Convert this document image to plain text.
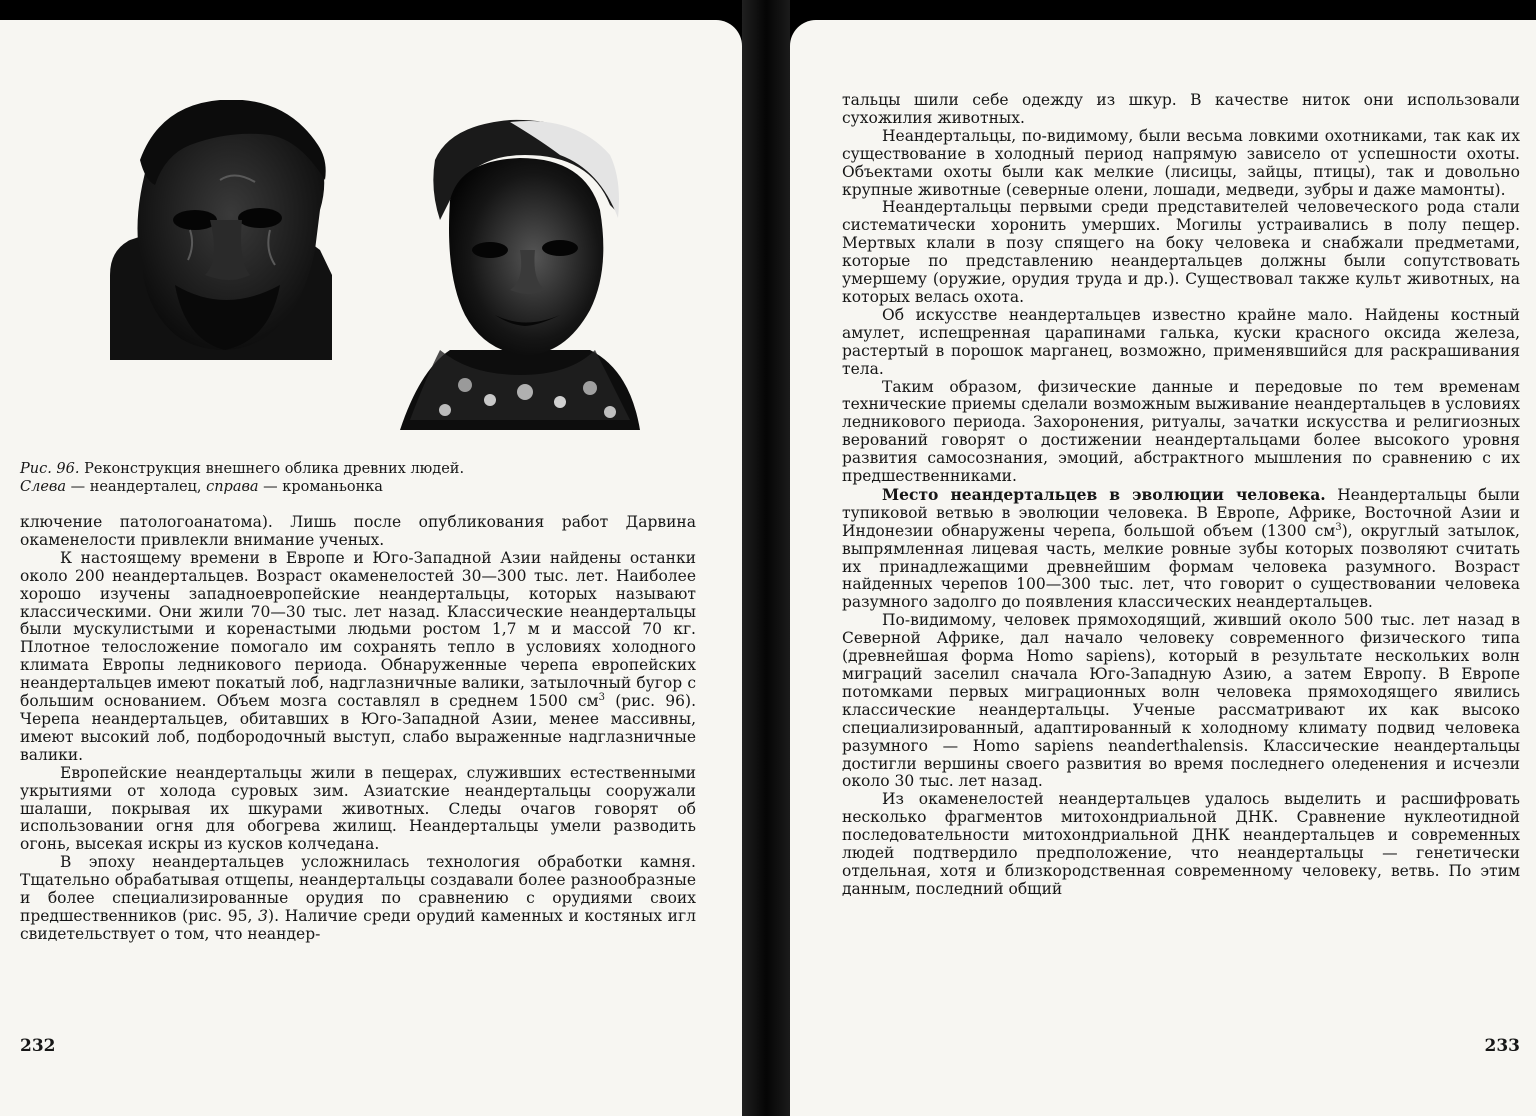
Рис. 96. Реконструкция внешнего облика древних людей.
Слева — неандерталец, справа — кроманьонка

ключение патологоанатома). Лишь после опубликования работ Дарвина окаменелости привлекли внимание ученых.

К настоящему времени в Европе и Юго-Западной Азии найдены останки около 200 неандертальцев. Возраст окаменелостей 30—300 тыс. лет. Наиболее хорошо изучены западноевропейские неандертальцы, которых называют классическими. Они жили 70—30 тыс. лет назад. Классические неандертальцы были мускулистыми и коренастыми людьми ростом 1,7 м и массой 70 кг. Плотное телосложение помогало им сохранять тепло в условиях холодного климата Европы ледникового периода. Обнаруженные черепа европейских неандертальцев имеют покатый лоб, надглазничные валики, затылочный бугор с большим основанием. Объем мозга составлял в среднем 1500 $см^3$ (рис. 96). Черепа неандертальцев, обитавших в Юго-Западной Азии, менее массивны, имеют высокий лоб, подбородочный выступ, слабо выраженные надглазничные валики.

Европейские неандертальцы жили в пещерах, служивших естественными укрытиями от холода суровых зим. Азиатские неандертальцы сооружали шалаши, покрывая их шкурами животных. Следы очагов говорят об использовании огня для обогрева жилищ. Неандертальцы умели разводить огонь, высекая искры из кусков колчедана.

В эпоху неандертальцев усложнилась технология обработки камня. Тщательно обрабатывая отщепы, неандертальцы создавали более разнообразные и более специализированные орудия по сравнению с орудиями своих предшественников (рис. 95, 3). Наличие среди орудий каменных и костяных игл свидетельствует о том, что неандер-

232

тальцы шили себе одежду из шкур. В качестве ниток они использовали сухожилия животных.

Неандертальцы, по-видимому, были весьма ловкими охотниками, так как их существование в холодный период напрямую зависело от успешности охоты. Объектами охоты были как мелкие (лисицы, зайцы, птицы), так и довольно крупные животные (северные олени, лошади, медведи, зубры и даже мамонты).

Неандертальцы первыми среди представителей человеческого рода стали систематически хоронить умерших. Могилы устраивались в полу пещер. Мертвых клали в позу спящего на боку человека и снабжали предметами, которые по представлению неандертальцев должны были сопутствовать умершему (оружие, орудия труда и др.). Существовал также культ животных, на которых велась охота.

Об искусстве неандертальцев известно крайне мало. Найдены костный амулет, испещренная царапинами галька, куски красного оксида железа, растертый в порошок марганец, возможно, применявшийся для раскрашивания тела.

Таким образом, физические данные и передовые по тем временам технические приемы сделали возможным выживание неандертальцев в условиях ледникового периода. Захоронения, ритуалы, зачатки искусства и религиозных верований говорят о достижении неандертальцами более высокого уровня развития самосознания, эмоций, абстрактного мышления по сравнению с их предшественниками.

Место неандертальцев в эволюции человека. Неандертальцы были тупиковой ветвью в эволюции человека. В Европе, Африке, Восточной Азии и Индонезии обнаружены черепа, большой объем (1300 $см^3$), округлый затылок, выпрямленная лицевая часть, мелкие ровные зубы которых позволяют считать их принадлежащими древнейшим формам человека разумного. Возраст найденных черепов 100—300 тыс. лет, что говорит о существовании человека разумного задолго до появления классических неандертальцев.

По-видимому, человек прямоходящий, живший около 500 тыс. лет назад в Северной Африке, дал начало человеку современного физического типа (древнейшая форма Homo sapiens), который в результате нескольких волн миграций заселил сначала Юго-Западную Азию, а затем Европу. В Европе потомками первых миграционных волн человека прямоходящего явились классические неандертальцы. Ученые рассматривают их как высоко специализированный, адаптированный к холодному климату подвид человека разумного — Homo sapiens neanderthalensis. Классические неандертальцы достигли вершины своего развития во время последнего оледенения и исчезли около 30 тыс. лет назад.

Из окаменелостей неандертальцев удалось выделить и расшифровать несколько фрагментов митохондриальной ДНК. Сравнение нуклеотидной последовательности митохондриальной ДНК неандертальцев и современных людей подтвердило предположение, что неандертальцы — генетически отдельная, хотя и близкородственная современному человеку, ветвь. По этим данным, последний общий

233
